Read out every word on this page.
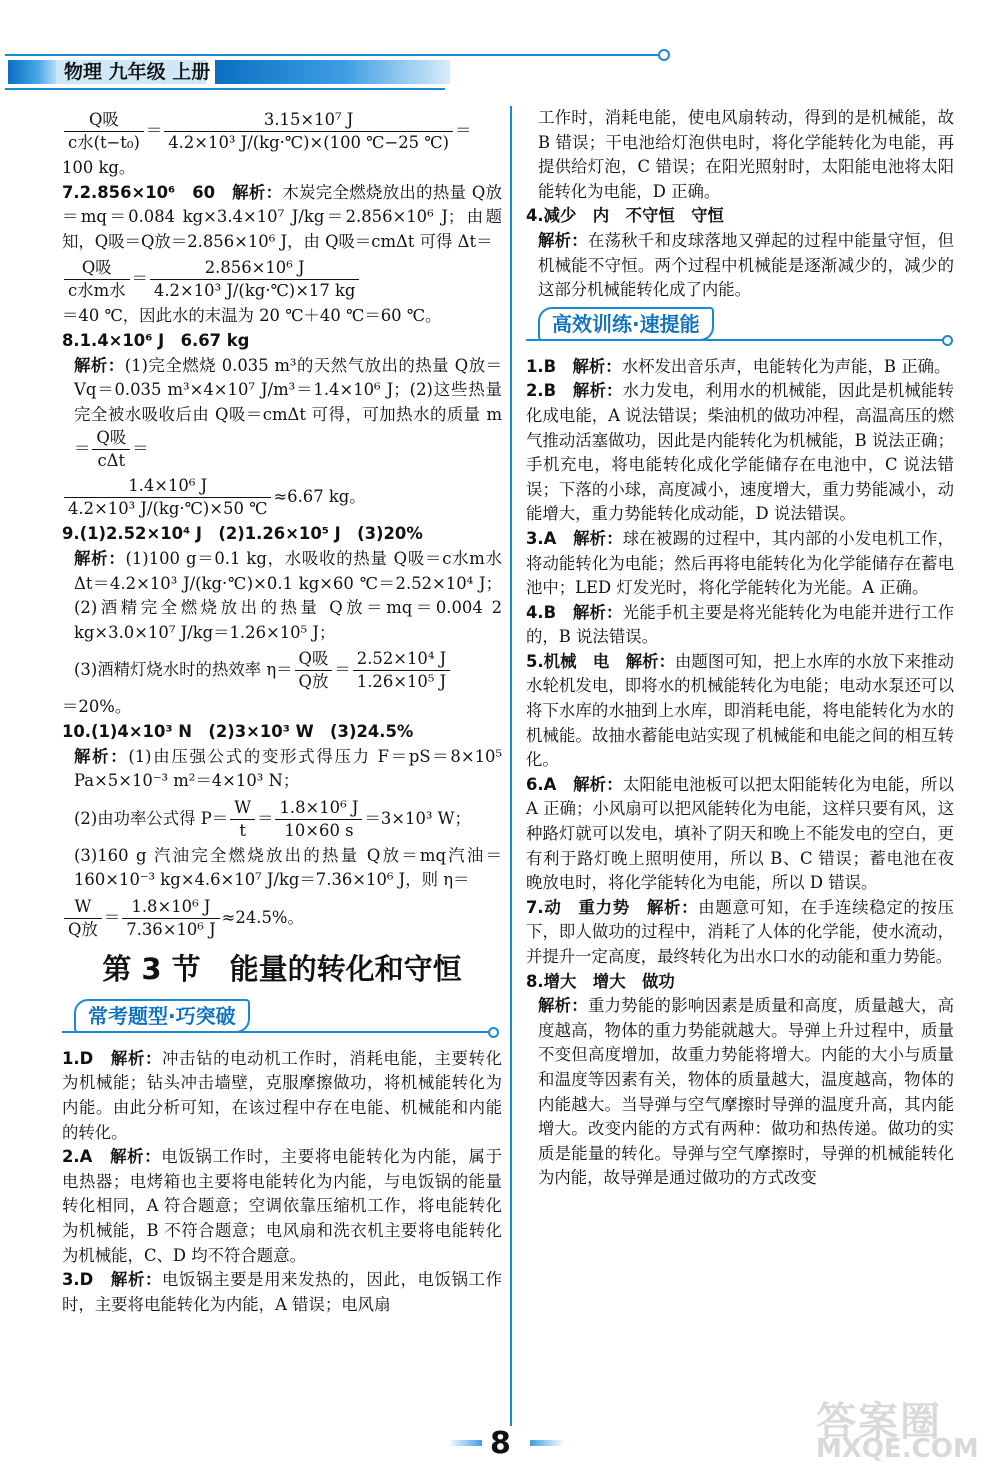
物理 九年级 上册

$\frac{\text{Q吸}}{\text{c水(t−t₀)}} = \frac{\text{3.15×10⁷ J}}{\text{4.2×10³ J/(kg·℃)×(100 ℃−25 ℃)}}$ ＝

100 kg。

7.2.856×10⁶　60　 解析：木炭完全燃烧放出的热量 Q放＝mq＝0.084 kg×3.4×10⁷ J/kg＝2.856×10⁶ J；由题知，Q吸＝Q放＝2.856×10⁶ J，由 Q吸＝cmΔt 可得 Δt＝

$\frac{\text{Q吸}}{\text{c水m水}} = \frac{\text{2.856×10⁶ J}}{\text{4.2×10³ J/(kg·℃)×17 kg}}$

＝40 ℃，因此水的末温为 20 ℃＋40 ℃＝60 ℃。

8.1.4×10⁶ J　6.67 kg

解析：(1)完全燃烧 0.035 m³的天然气放出的热量 Q放＝Vq＝0.035 m³×4×10⁷ J/m³＝1.4×10⁶ J；(2)这些热量完全被水吸收后由 Q吸＝cmΔt 可得，可加热水的质量 $m= \frac{\text{Q吸}}{\text{cΔt}}$ ＝

$\frac{\text{1.4×10⁶ J}}{\text{4.2×10³ J/(kg·℃)×50 ℃}} \approx 6.67$ kg。

9.(1)2.52×10⁴ J　(2)1.26×10⁵ J　(3)20%

解析：(1)100 g＝0.1 kg，水吸收的热量 Q吸＝c水m水Δt＝4.2×10³ J/(kg·℃)×0.1 kg×60 ℃＝2.52×10⁴ J；(2)酒精完全燃烧放出的热量 Q放＝mq＝0.004 2 kg×3.0×10⁷ J/kg＝1.26×10⁵ J；

(3)酒精灯烧水时的热效率 $\eta= \frac{\text{Q吸}}{\text{Q放}} = \frac{\text{2.52×10⁴ J}}{\text{1.26×10⁵ J}}$

＝20%。

10.(1)4×10³ N　(2)3×10³ W　(3)24.5%

解析：(1)由压强公式的变形式得压力 F＝pS＝8×10⁵ Pa×5×10⁻³ m²＝4×10³ N；

(2)由功率公式得 $P= \frac{W}{t} = \frac{\text{1.8×10⁶ J}}{10\times 60 s} =3\times 10^3$ W；

(3)160 g 汽油完全燃烧放出的热量 Q放＝mq汽油＝160×10⁻³ kg×4.6×10⁷ J/kg＝7.36×10⁶ J，则 η＝

$\frac{W}{\text{Q放}} = \frac{\text{1.8×10⁶ J}}{\text{7.36×10⁶ J}} \approx 24.5\%$。

第 3 节　能量的转化和守恒
常考题型·巧突破

1.D　 解析：冲击钻的电动机工作时，消耗电能，主要转化为机械能；钻头冲击墙壁，克服摩擦做功，将机械能转化为内能。由此分析可知，在该过程中存在电能、机械能和内能的转化。

2.A　 解析：电饭锅工作时，主要将电能转化为内能，属于电热器；电烤箱也主要将电能转化为内能，与电饭锅的能量转化相同，A 符合题意；空调依靠压缩机工作，将电能转化为机械能，B 不符合题意；电风扇和洗衣机主要将电能转化为机械能，C、D 均不符合题意。

3.D　 解析：电饭锅主要是用来发热的，因此，电饭锅工作时，主要将电能转化为内能，A 错误；电风扇

工作时，消耗电能，使电风扇转动，得到的是机械能，故 B 错误；干电池给灯泡供电时，将化学能转化为电能，再提供给灯泡，C 错误；在阳光照射时，太阳能电池将太阳能转化为电能，D 正确。

4.减少　内　不守恒　守恒

解析：在荡秋千和皮球落地又弹起的过程中能量守恒，但机械能不守恒。两个过程中机械能是逐渐减少的，减少的这部分机械能转化成了内能。

高效训练·速提能

1.B　 解析：水杯发出音乐声，电能转化为声能，B 正确。

2.B　 解析：水力发电，利用水的机械能，因此是机械能转化成电能，A 说法错误；柴油机的做功冲程，高温高压的燃气推动活塞做功，因此是内能转化为机械能，B 说法正确；手机充电，将电能转化成化学能储存在电池中，C 说法错误；下落的小球，高度减小，速度增大，重力势能减小，动能增大，重力势能转化成动能，D 说法错误。

3.A　 解析：球在被踢的过程中，其内部的小发电机工作，将动能转化为电能；然后再将电能转化为化学能储存在蓄电池中；LED 灯发光时，将化学能转化为光能。A 正确。

4.B　 解析：光能手机主要是将光能转化为电能并进行工作的，B 说法错误。

5.机械　电　 解析：由题图可知，把上水库的水放下来推动水轮机发电，即将水的机械能转化为电能；电动水泵还可以将下水库的水抽到上水库，即消耗电能，将电能转化为水的机械能。故抽水蓄能电站实现了机械能和电能之间的相互转化。

6.A　 解析：太阳能电池板可以把太阳能转化为电能，所以 A 正确；小风扇可以把风能转化为电能，这样只要有风，这种路灯就可以发电，填补了阴天和晚上不能发电的空白，更有利于路灯晚上照明使用，所以 B、C 错误；蓄电池在夜晚放电时，将化学能转化为电能，所以 D 错误。

7.动　重力势　 解析：由题意可知，在手连续稳定的按压下，即人做功的过程中，消耗了人体的化学能，使水流动，并提升一定高度，最终转化为出水口水的动能和重力势能。

8.增大　增大　做功

解析：重力势能的影响因素是质量和高度，质量越大，高度越高，物体的重力势能就越大。导弹上升过程中，质量不变但高度增加，故重力势能将增大。内能的大小与质量和温度等因素有关，物体的质量越大，温度越高，物体的内能越大。当导弹与空气摩擦时导弹的温度升高，其内能增大。改变内能的方式有两种：做功和热传递。做功的实质是能量的转化。导弹与空气摩擦时，导弹的机械能转化为内能，故导弹是通过做功的方式改变

8	答案圈
MXQE.COM
